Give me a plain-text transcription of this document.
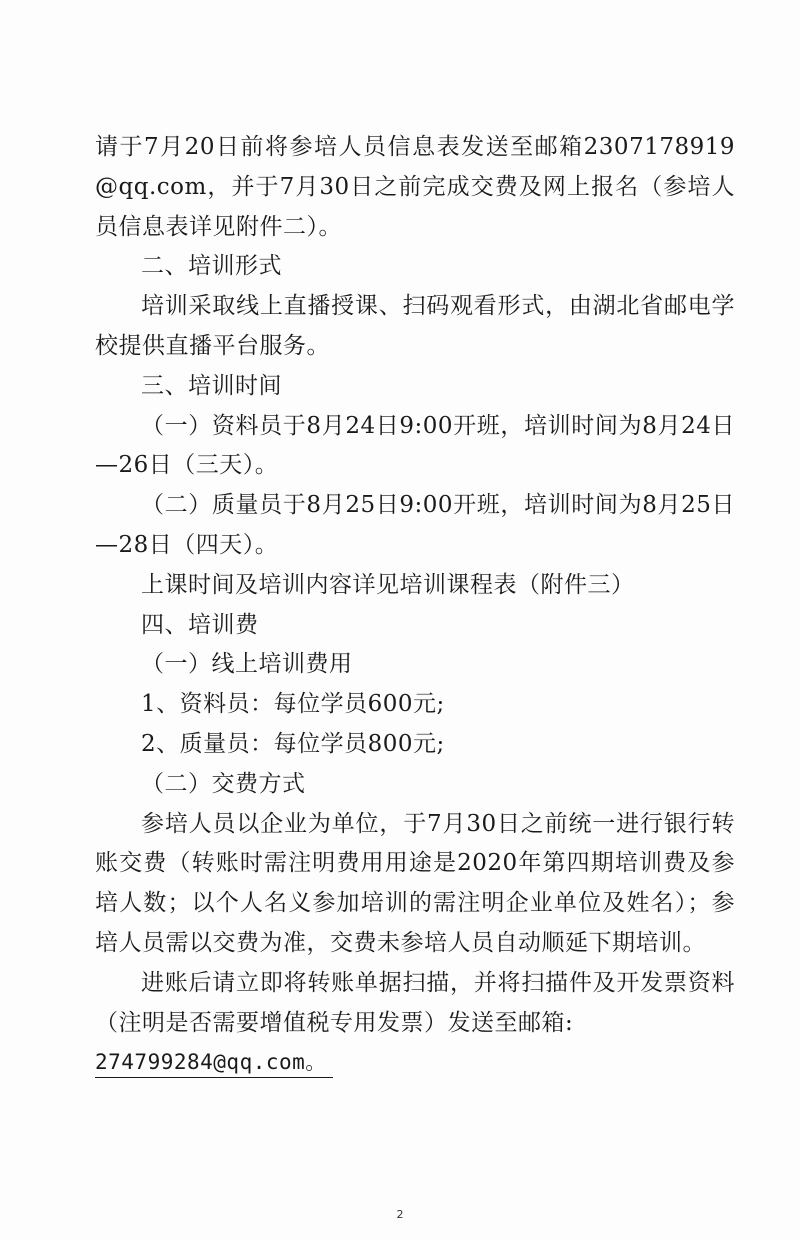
请于7月20日前将参培人员信息表发送至邮箱2307178919@qq.com，并于7月30日之前完成交费及网上报名（参培人员信息表详见附件二）。

二、培训形式

培训采取线上直播授课、扫码观看形式，由湖北省邮电学校提供直播平台服务。

三、培训时间

（一）资料员于8月24日9:00开班，培训时间为8月24日—26日（三天）。

（二）质量员于8月25日9:00开班，培训时间为8月25日—28日（四天）。

上课时间及培训内容详见培训课程表（附件三）

四、培训费

（一）线上培训费用

1、资料员：每位学员600元;

2、质量员：每位学员800元;

（二）交费方式

参培人员以企业为单位，于7月30日之前统一进行银行转账交费（转账时需注明费用用途是2020年第四期培训费及参培人数；以个人名义参加培训的需注明企业单位及姓名）；参培人员需以交费为准，交费未参培人员自动顺延下期培训。

进账后请立即将转账单据扫描，并将扫描件及开发票资料（注明是否需要增值税专用发票）发送至邮箱:

274799284@qq.com。

2
